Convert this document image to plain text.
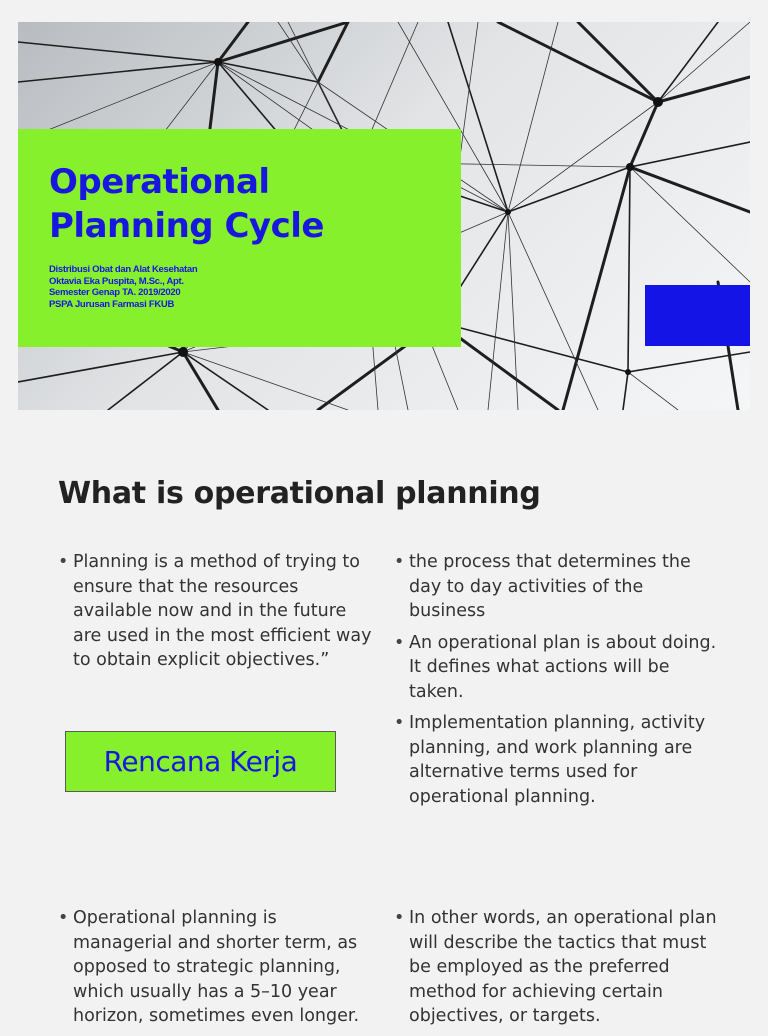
Operational
Planning Cycle
Distribusi Obat dan Alat Kesehatan
Oktavia Eka Puspita, M.Sc., Apt.
Semester Genap TA. 2019/2020
PSPA Jurusan Farmasi FKUB
What is operational planning
• Planning is a method of trying to ensure that the resources available now and in the future are used in the most efficient way to obtain explicit objectives.”
• the process that determines the day to day activities of the business
• An operational plan is about doing. It defines what actions will be taken.
• Implementation planning, activity planning, and work planning are alternative terms used for operational planning.
Rencana Kerja
• Operational planning is managerial and shorter term, as opposed to strategic planning, which usually has a 5–10 year horizon, sometimes even longer.
• In other words, an operational plan will describe the tactics that must be employed as the preferred method for achieving certain objectives, or targets.
